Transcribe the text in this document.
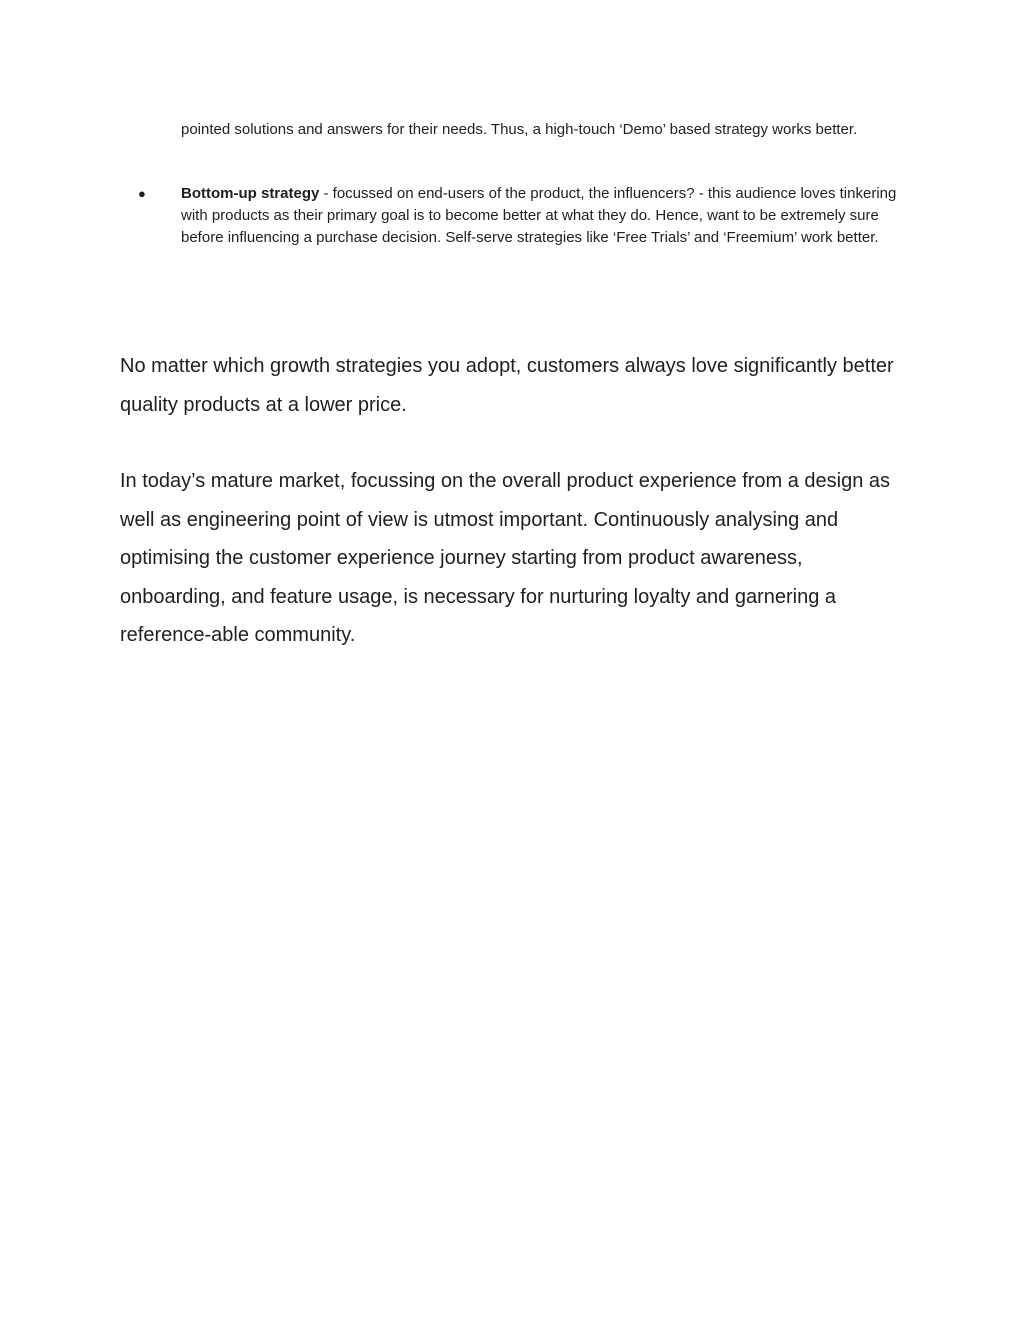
pointed solutions and answers for their needs. Thus, a high-touch ‘Demo’ based strategy works better.

● Bottom-up strategy - focussed on end-users of the product, the influencers? - this audience loves tinkering with products as their primary goal is to become better at what they do. Hence, want to be extremely sure before influencing a purchase decision. Self-serve strategies like ‘Free Trials’ and ‘Freemium’ work better.

No matter which growth strategies you adopt, customers always love significantly better quality products at a lower price.

In today’s mature market, focussing on the overall product experience from a design as well as engineering point of view is utmost important. Continuously analysing and optimising the customer experience journey starting from product awareness, onboarding, and feature usage, is necessary for nurturing loyalty and garnering a reference-able community.
